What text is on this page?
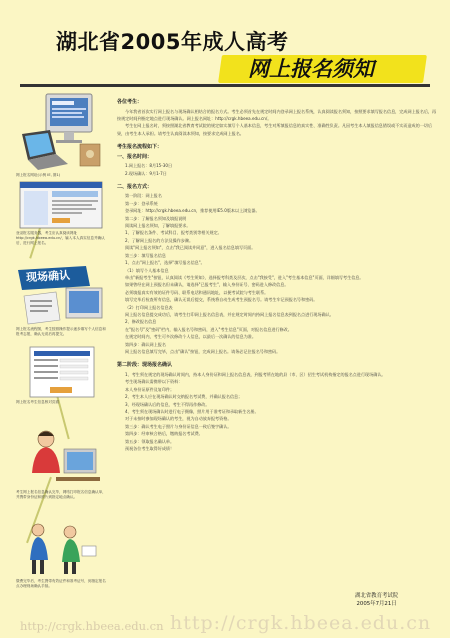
湖北省2005年成人高考
网上报名须知
网上报名网址(示例 IE, 图1)
登录报名服务器，考生应认真阅读网址http://crgk.hbeea.edu.cn/，输入本人真实信息并确认后，进行网上报名。
现场确认
网上报名流程图，考生按照操作提示逐步填写个人信息和报考志愿，确认无误后再提交。
网上报名考生信息核对页面
考生网上报名信息确认完毕，网络打印报名信息确认单，并携带身份证和照片到指定地点确认。
缴费完毕后，考生携带有效证件和准考证号，到指定报名点办理现场确认手续。
各位考生：

今年我省首次实行网上报名与现场确认相结合的报名方式。考生必须首先在规定时间内登录网上报名系统，认真阅读报名须知，按照要求填写报名信息，完成网上报名后，再按规定时间到指定地点进行现场确认。网上报名网址：http://crgk.hbeea.edu.cn/。

考生在网上报名时，须按照湖北省教育考试院的规定如实填写个人基本信息，考生对所填报信息的真实性、准确性负责。凡因考生本人填报信息错误或不实而造成的一切后果，由考生本人承担。请考生认真阅读本须知，按要求完成网上报名。

考生报名流程如下：
一、报名时间：

1.网上报名：8月15-30日

2.现场确认：9月1-7日

二、报名方式：

第一阶段：网上报名

第一步：登录系统

登录网址：http://crgk.hbeea.edu.cn，推荐使用IE5.0版本以上浏览器。

第二步：了解报名须知及填报说明

阅读网上报名须知，了解填报要求。

1、了解报名条件、考试科目、报考类别等相关规定。

2、了解网上报名的方法及操作步骤。

阅读"网上报名须知"，点击"我已阅读并同意"，进入报名信息填写页面。

第三步：填写报名信息

1、点击"网上报名"，选择"填写报名信息"。

（1）填写个人基本信息

单击"新报考生"按钮，认真阅读《考生须知》，选择报考科类及层次，点击"我接受"，进入"考生基本信息"页面，详细填写考生信息。

如果曾经在网上预报名但未确认，请选择"已报考生"，输入身份证号、密码进入修改信息。

必须填报真实有效的证件号码、联系电话和通讯地址，以便考试院与考生联系。

填写完毕后检查所有信息，确认无误后提交，系统将自动生成考生预报名号。请考生牢记预报名号和密码。

（2）打印网上报名信息表

网上报名信息提交成功后，请考生打印网上报名信息表，并在规定时间内持网上报名信息表到报名点进行现场确认。

2、修改报名信息

在"报名号"及"密码"栏内，输入报名号和密码，进入"考生信息"页面，对报名信息进行修改。

在规定时间内，考生可多次修改个人信息，以最后一次确认的信息为准。

第四步：确认网上报名

网上报名信息填写完毕，点击"确认"按钮，完成网上报名。请务必记住报名号和密码。

第二阶段：现场报名确认

1、考生须在规定的现场确认时间内，持本人身份证和网上报名信息表，到报考所在地的县（市、区）招生考试机构指定的报名点进行现场确认。

考生现场确认需携带以下资料：

本人身份证原件及复印件；

2、考生本人应在现场确认时交纳报名考试费，并确认报名信息；

3、经现场确认后的信息，考生不得再作修改。

4、考生须在现场确认时进行电子摄像，照片用于准考证和录取新生名册。

对于未按时参加现场确认的考生，视为自动放弃报考资格。

第三步：确认考生电子照片与身份证信息一致后签字确认。

第四步：经审核合格后，缴纳报名考试费。

第五步：领取报名确认单。

预祝各位考生取得好成绩！

湖北省教育考试院
2005年7月21日
http://crgk.hbeea.edu.cn http://crgk.hbeea.edu.cn
